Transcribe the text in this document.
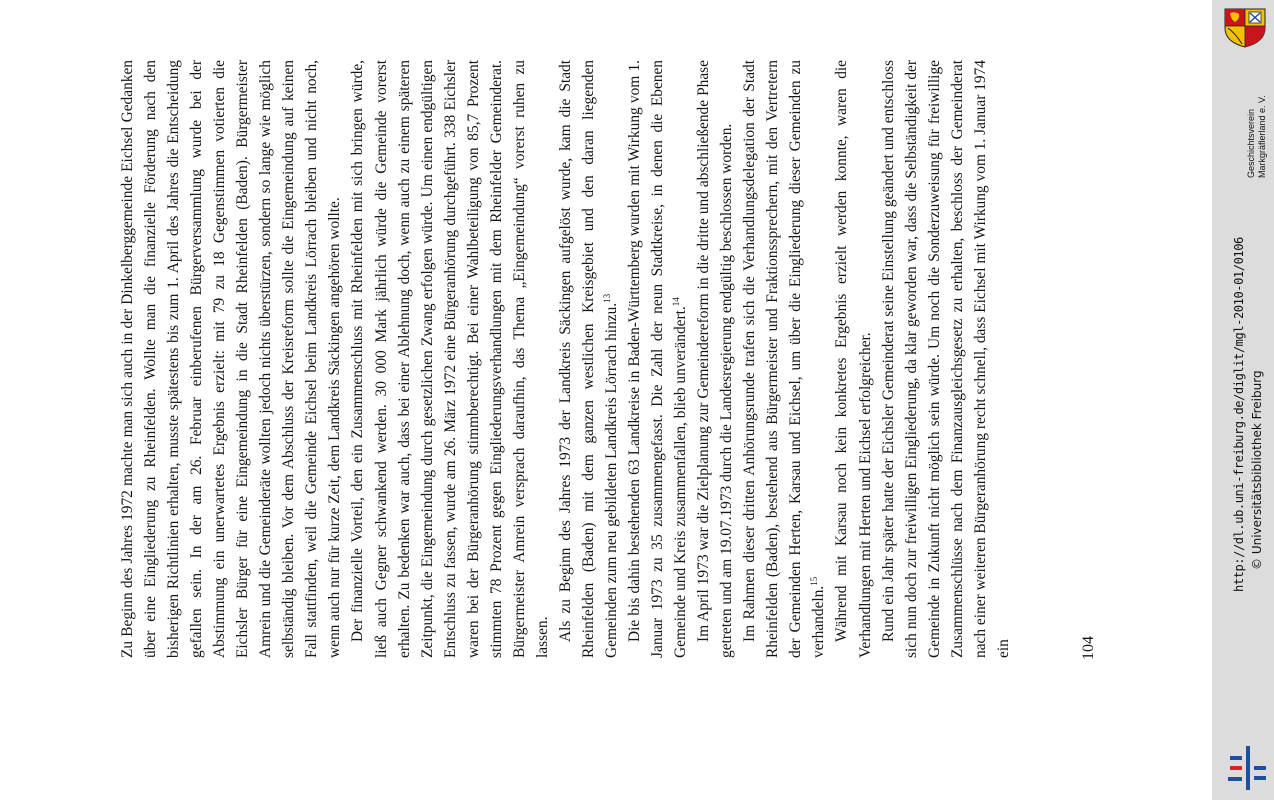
Zu Beginn des Jahres 1972 machte man sich auch in der Dinkelberggemeinde Eichsel Gedanken über eine Eingliederung zu Rheinfelden. Wollte man die finanzielle Förderung nach den bisherigen Richtlinien erhalten, musste spätestens bis zum 1. April des Jahres die Entscheidung gefallen sein. In der am 26. Februar einberufenen Bürgerversammlung wurde bei der Abstimmung ein unerwartetes Ergebnis erzielt: mit 79 zu 18 Gegenstimmen votierten die Eichsler Bürger für eine Eingemeindung in die Stadt Rheinfelden (Baden). Bürgermeister Amrein und die Gemeinderäte wollten jedoch nichts überstürzen, sondern so lange wie möglich selbständig bleiben. Vor dem Abschluss der Kreisreform sollte die Eingemeindung auf keinen Fall stattfinden, weil die Gemeinde Eichsel beim Landkreis Lörrach bleiben und nicht noch, wenn auch nur für kurze Zeit, dem Landkreis Säckingen angehören wollte. Der finanzielle Vorteil, den ein Zusammenschluss mit Rheinfelden mit sich bringen würde, ließ auch Gegner schwankend werden. 30 000 Mark jährlich würde die Gemeinde vorerst erhalten. Zu bedenken war auch, dass bei einer Ablehnung doch, wenn auch zu einem späteren Zeitpunkt, die Eingemeindung durch gesetzlichen Zwang erfolgen würde. Um einen endgültigen Entschluss zu fassen, wurde am 26. März 1972 eine Bürgeranhörung durchgeführt. 338 Eichsler waren bei der Bürgeranhörung stimmberechtigt. Bei einer Wahlbeteiligung von 85,7 Prozent stimmten 78 Prozent gegen Eingliederungsverhandlungen mit dem Rheinfelder Gemeinderat. Bürgermeister Amrein versprach daraufhin, das Thema „Eingemeindung“ vorerst ruhen zu lassen. Als zu Beginn des Jahres 1973 der Landkreis Säckingen aufgelöst wurde, kam die Stadt Rheinfelden (Baden) mit dem ganzen westlichen Kreisgebiet und den daran liegenden Gemeinden zum neu gebildeten Landkreis Lörrach hinzu.$^{13}$ Die bis dahin bestehenden 63 Landkreise in Baden-Württemberg wurden mit Wirkung vom 1. Januar 1973 zu 35 zusammengefasst. Die Zahl der neun Stadtkreise, in denen die Ebenen Gemeinde und Kreis zusammenfallen, blieb unverändert.$^{14}$ Im April 1973 war die Zielplanung zur Gemeindereform in die dritte und abschließende Phase getreten und am 19.07.1973 durch die Landesregierung endgültig beschlossen worden. Im Rahmen dieser dritten Anhörungsrunde trafen sich die Verhandlungsdelegation der Stadt Rheinfelden (Baden), bestehend aus Bürgermeister und Fraktionssprechern, mit den Vertretern der Gemeinden Herten, Karsau und Eichsel, um über die Eingliederung dieser Gemeinden zu verhandeln.$^{15}$ Während mit Karsau noch kein konkretes Ergebnis erzielt werden konnte, waren die Verhandlungen mit Herten und Eichsel erfolgreicher. Rund ein Jahr später hatte der Eichsler Gemeinderat seine Einstellung geändert und entschloss sich nun doch zur freiwilligen Eingliederung, da klar geworden war, dass die Selbständigkeit der Gemeinde in Zukunft nicht möglich sein würde. Um noch die Sonderzuweisung für freiwillige Zusammenschlüsse nach dem Finanzausgleichsgesetz zu erhalten, beschloss der Gemeinderat nach einer weiteren Bürgeranhörung recht schnell, dass Eichsel mit Wirkung vom 1. Januar 1974 ein	104
http://dl.ub.uni-freiburg.de/diglit/mgl-2010-01/0106 © Universitätsbibliothek Freiburg
Geschichtsverein Markgräflerland e. V.
